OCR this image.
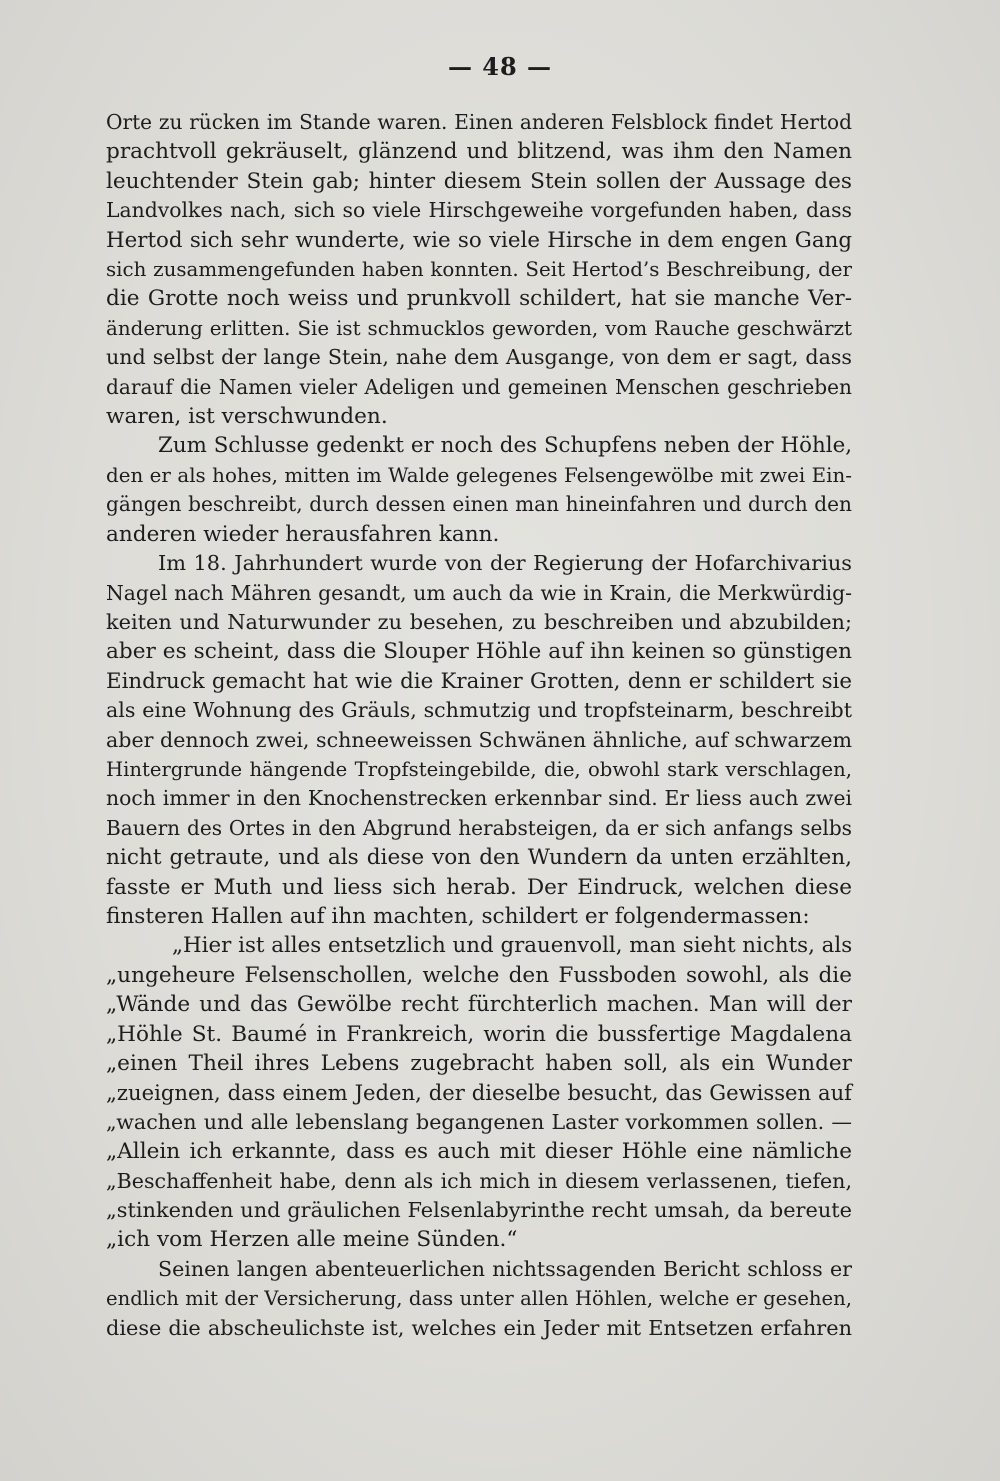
— 48 —
Orte zu rücken im Stande waren. Einen anderen Felsblock findet Hertod
prachtvoll gekräuselt, glänzend und blitzend, was ihm den Namen
leuchtender Stein gab; hinter diesem Stein sollen der Aussage des
Landvolkes nach, sich so viele Hirschgeweihe vorgefunden haben, dass
Hertod sich sehr wunderte, wie so viele Hirsche in dem engen Gang
sich zusammengefunden haben konnten. Seit Hertod’s Beschreibung, der
die Grotte noch weiss und prunkvoll schildert, hat sie manche Ver-
änderung erlitten. Sie ist schmucklos geworden, vom Rauche geschwärzt
und selbst der lange Stein, nahe dem Ausgange, von dem er sagt, dass
darauf die Namen vieler Adeligen und gemeinen Menschen geschrieben
waren, ist verschwunden.
Zum Schlusse gedenkt er noch des Schupfens neben der Höhle,
den er als hohes, mitten im Walde gelegenes Felsengewölbe mit zwei Ein-
gängen beschreibt, durch dessen einen man hineinfahren und durch den
anderen wieder herausfahren kann.
Im 18. Jahrhundert wurde von der Regierung der Hofarchivarius
Nagel nach Mähren gesandt, um auch da wie in Krain, die Merkwürdig-
keiten und Naturwunder zu besehen, zu beschreiben und abzubilden;
aber es scheint, dass die Slouper Höhle auf ihn keinen so günstigen
Eindruck gemacht hat wie die Krainer Grotten, denn er schildert sie
als eine Wohnung des Gräuls, schmutzig und tropfsteinarm, beschreibt
aber dennoch zwei, schneeweissen Schwänen ähnliche, auf schwarzem
Hintergrunde hängende Tropfsteingebilde, die, obwohl stark verschlagen,
noch immer in den Knochenstrecken erkennbar sind. Er liess auch zwei
Bauern des Ortes in den Abgrund herabsteigen, da er sich anfangs selbs
nicht getraute, und als diese von den Wundern da unten erzählten,
fasste er Muth und liess sich herab. Der Eindruck, welchen diese
finsteren Hallen auf ihn machten, schildert er folgendermassen:
„Hier ist alles entsetzlich und grauenvoll, man sieht nichts, als
„ungeheure Felsenschollen, welche den Fussboden sowohl, als die
„Wände und das Gewölbe recht fürchterlich machen. Man will der
„Höhle St. Baumé in Frankreich, worin die bussfertige Magdalena
„einen Theil ihres Lebens zugebracht haben soll, als ein Wunder
„zueignen, dass einem Jeden, der dieselbe besucht, das Gewissen auf
„wachen und alle lebenslang begangenen Laster vorkommen sollen. —
„Allein ich erkannte, dass es auch mit dieser Höhle eine nämliche
„Beschaffenheit habe, denn als ich mich in diesem verlassenen, tiefen,
„stinkenden und gräulichen Felsenlabyrinthe recht umsah, da bereute
„ich vom Herzen alle meine Sünden.“
Seinen langen abenteuerlichen nichtssagenden Bericht schloss er
endlich mit der Versicherung, dass unter allen Höhlen, welche er gesehen,
diese die abscheulichste ist, welches ein Jeder mit Entsetzen erfahren
